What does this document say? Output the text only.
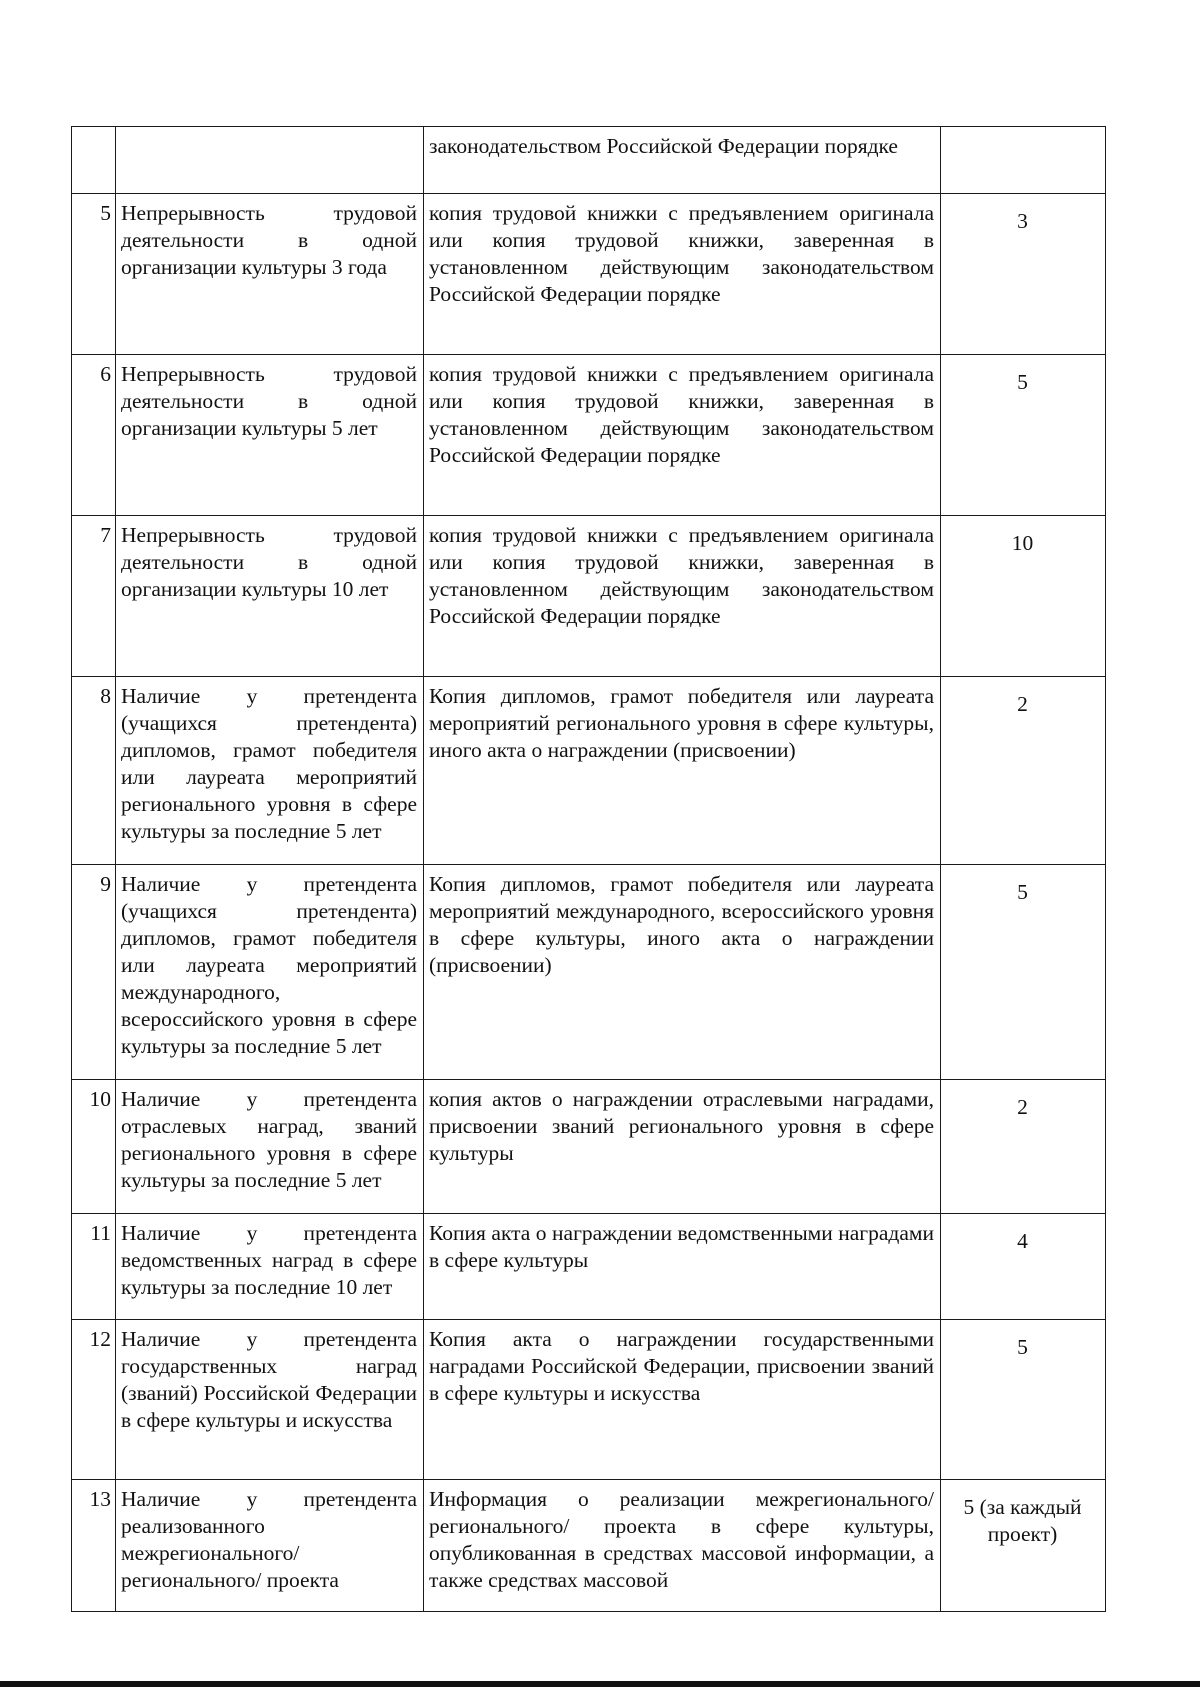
		законодательством Российской Федерации порядке	
5	Непрерывность трудовой деятельности в одной организации культуры 3 года	копия трудовой книжки с предъявлением оригинала или копия трудовой книжки, заверенная в установленном действующим законодательством Российской Федерации порядке	3
6	Непрерывность трудовой деятельности в одной организации культуры 5 лет	копия трудовой книжки с предъявлением оригинала или копия трудовой книжки, заверенная в установленном действующим законодательством Российской Федерации порядке	5
7	Непрерывность трудовой деятельности в одной организации культуры 10 лет	копия трудовой книжки с предъявлением оригинала или копия трудовой книжки, заверенная в установленном действующим законодательством Российской Федерации порядке	10
8	Наличие у претендента (учащихся претендента) дипломов, грамот победителя или лауреата мероприятий регионального уровня в сфере культуры за последние 5 лет	Копия дипломов, грамот победителя или лауреата мероприятий регионального уровня в сфере культуры, иного акта о награждении (присвоении)	2
9	Наличие у претендента (учащихся претендента) дипломов, грамот победителя или лауреата мероприятий международного, всероссийского уровня в сфере культуры за последние 5 лет	Копия дипломов, грамот победителя или лауреата мероприятий международного, всероссийского уровня в сфере культуры, иного акта о награждении (присвоении)	5
10	Наличие у претендента отраслевых наград, званий регионального уровня в сфере культуры за последние 5 лет	копия актов о награждении отраслевыми наградами, присвоении званий регионального уровня в сфере культуры	2
11	Наличие у претендента ведомственных наград в сфере культуры за последние 10 лет	Копия акта о награждении ведомственными наградами в сфере культуры	4
12	Наличие у претендента государственных наград (званий) Российской Федерации в сфере культуры и искусства	Копия акта о награждении государственными наградами Российской Федерации, присвоении званий в сфере культуры и искусства	5
13	Наличие у претендента реализованного межрегионального/ регионального/ проекта	Информация о реализации межрегионального/ регионального/ проекта в сфере культуры, опубликованная в средствах массовой информации, а также средствах массовой	5 (за каждый проект)
